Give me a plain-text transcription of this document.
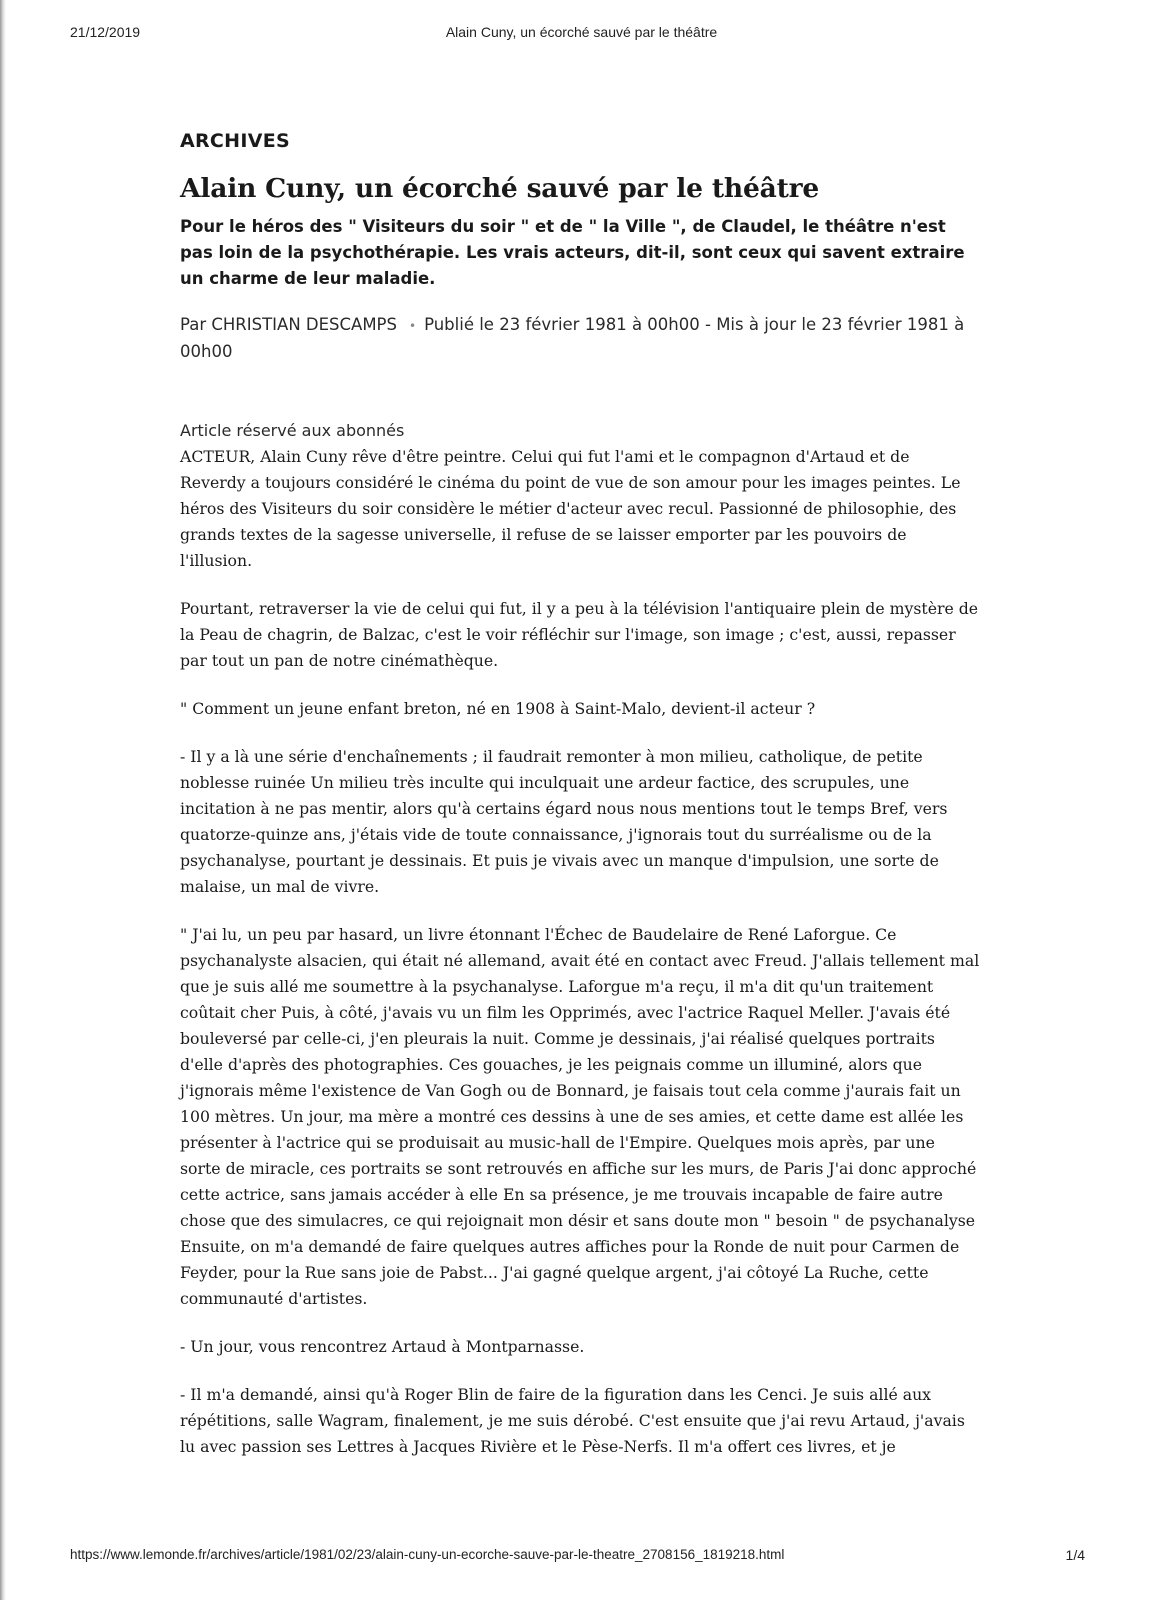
21/12/2019	Alain Cuny, un écorché sauvé par le théâtre
ARCHIVES
Alain Cuny, un écorché sauvé par le théâtre

Pour le héros des " Visiteurs du soir " et de " la Ville ", de Claudel, le théâtre n'est pas loin de la psychothérapie. Les vrais acteurs, dit-il, sont ceux qui savent extraire un charme de leur maladie.

Par CHRISTIAN DESCAMPS • Publié le 23 février 1981 à 00h00 - Mis à jour le 23 février 1981 à 00h00
Article réservé aux abonnés

ACTEUR, Alain Cuny rêve d'être peintre. Celui qui fut l'ami et le compagnon d'Artaud et de Reverdy a toujours considéré le cinéma du point de vue de son amour pour les images peintes. Le héros des Visiteurs du soir considère le métier d'acteur avec recul. Passionné de philosophie, des grands textes de la sagesse universelle, il refuse de se laisser emporter par les pouvoirs de l'illusion.

Pourtant, retraverser la vie de celui qui fut, il y a peu à la télévision l'antiquaire plein de mystère de la Peau de chagrin, de Balzac, c'est le voir réfléchir sur l'image, son image ; c'est, aussi, repasser par tout un pan de notre cinémathèque.

" Comment un jeune enfant breton, né en 1908 à Saint-Malo, devient-il acteur ?

- Il y a là une série d'enchaînements ; il faudrait remonter à mon milieu, catholique, de petite noblesse ruinée Un milieu très inculte qui inculquait une ardeur factice, des scrupules, une incitation à ne pas mentir, alors qu'à certains égard nous nous mentions tout le temps Bref, vers quatorze-quinze ans, j'étais vide de toute connaissance, j'ignorais tout du surréalisme ou de la psychanalyse, pourtant je dessinais. Et puis je vivais avec un manque d'impulsion, une sorte de malaise, un mal de vivre.

" J'ai lu, un peu par hasard, un livre étonnant l'Échec de Baudelaire de René Laforgue. Ce psychanalyste alsacien, qui était né allemand, avait été en contact avec Freud. J'allais tellement mal que je suis allé me soumettre à la psychanalyse. Laforgue m'a reçu, il m'a dit qu'un traitement coûtait cher Puis, à côté, j'avais vu un film les Opprimés, avec l'actrice Raquel Meller. J'avais été bouleversé par celle-ci, j'en pleurais la nuit. Comme je dessinais, j'ai réalisé quelques portraits d'elle d'après des photographies. Ces gouaches, je les peignais comme un illuminé, alors que j'ignorais même l'existence de Van Gogh ou de Bonnard, je faisais tout cela comme j'aurais fait un 100 mètres. Un jour, ma mère a montré ces dessins à une de ses amies, et cette dame est allée les présenter à l'actrice qui se produisait au music-hall de l'Empire. Quelques mois après, par une sorte de miracle, ces portraits se sont retrouvés en affiche sur les murs, de Paris J'ai donc approché cette actrice, sans jamais accéder à elle En sa présence, je me trouvais incapable de faire autre chose que des simulacres, ce qui rejoignait mon désir et sans doute mon " besoin " de psychanalyse Ensuite, on m'a demandé de faire quelques autres affiches pour la Ronde de nuit pour Carmen de Feyder, pour la Rue sans joie de Pabst... J'ai gagné quelque argent, j'ai côtoyé La Ruche, cette communauté d'artistes.

- Un jour, vous rencontrez Artaud à Montparnasse.

- Il m'a demandé, ainsi qu'à Roger Blin de faire de la figuration dans les Cenci. Je suis allé aux répétitions, salle Wagram, finalement, je me suis dérobé. C'est ensuite que j'ai revu Artaud, j'avais lu avec passion ses Lettres à Jacques Rivière et le Pèse-Nerfs. Il m'a offert ces livres, et je

https://www.lemonde.fr/archives/article/1981/02/23/alain-cuny-un-ecorche-sauve-par-le-theatre_2708156_1819218.html	1/4
